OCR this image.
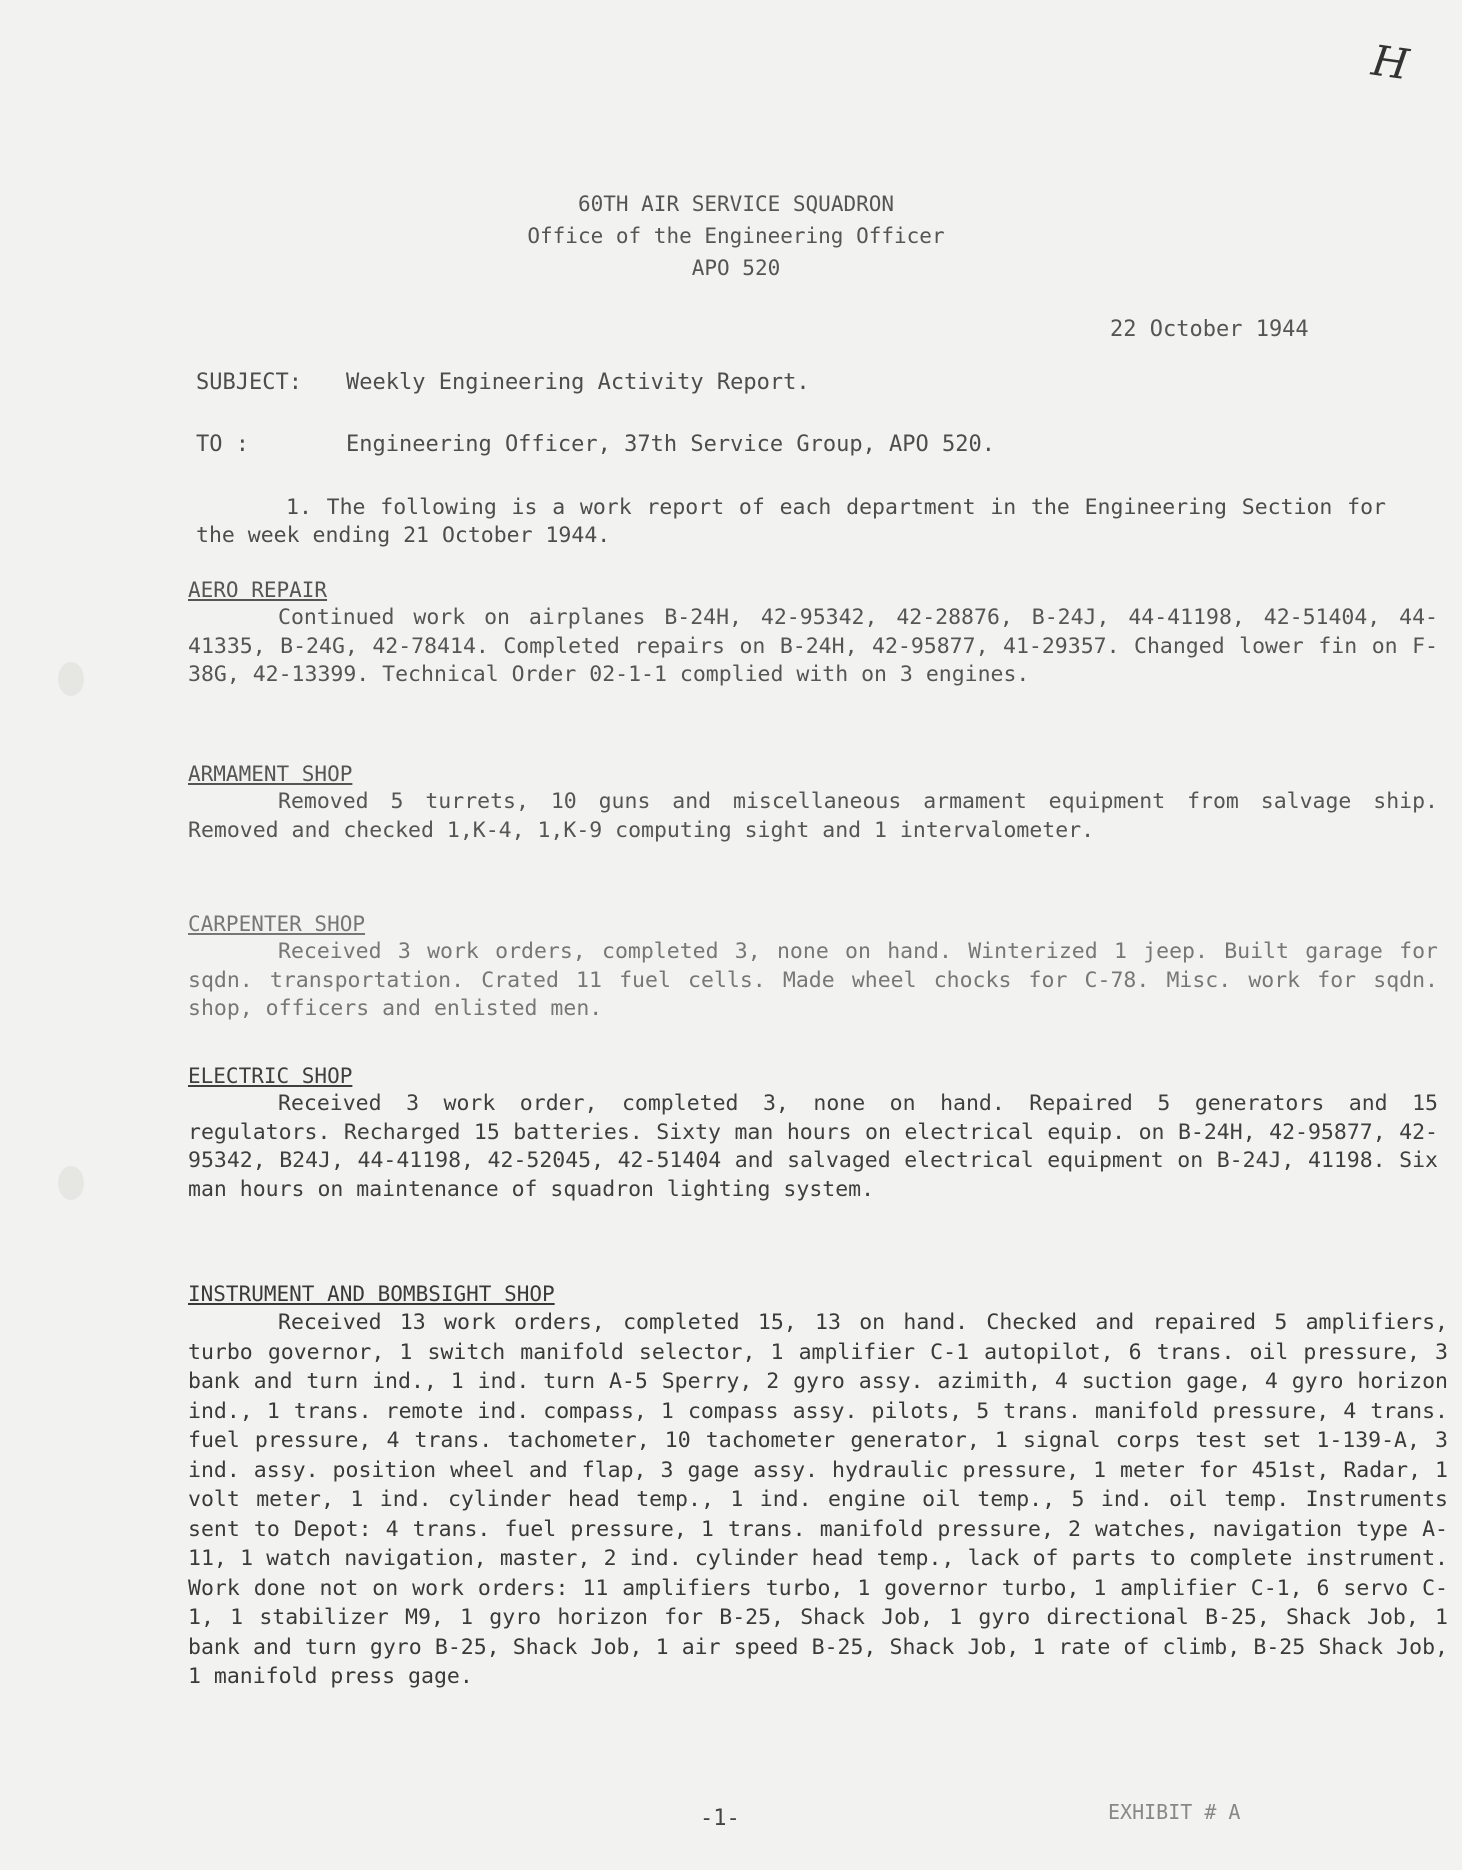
H
60TH AIR SERVICE SQUADRON
Office of the Engineering Officer
APO 520
22 October 1944
SUBJECT: Weekly Engineering Activity Report.
TO :	Engineering Officer, 37th Service Group, APO 520.
1. The following is a work report of each department in the Engineering Section for the week ending 21 October 1944.
AERO REPAIR

Continued work on airplanes B-24H, 42-95342, 42-28876, B-24J, 44-41198, 42-51404, 44-41335, B-24G, 42-78414. Completed repairs on B-24H, 42-95877, 41-29357. Changed lower fin on F-38G, 42-13399. Technical Order 02-1-1 complied with on 3 engines.

ARMAMENT SHOP

Removed 5 turrets, 10 guns and miscellaneous armament equipment from salvage ship. Removed and checked 1,K-4, 1,K-9 computing sight and 1 intervalometer.

CARPENTER SHOP

Received 3 work orders, completed 3, none on hand. Winterized 1 jeep. Built garage for sqdn. transportation. Crated 11 fuel cells. Made wheel chocks for C-78. Misc. work for sqdn. shop, officers and enlisted men.

ELECTRIC SHOP

Received 3 work order, completed 3, none on hand. Repaired 5 generators and 15 regulators. Recharged 15 batteries. Sixty man hours on electrical equip. on B-24H, 42-95877, 42-95342, B24J, 44-41198, 42-52045, 42-51404 and salvaged electrical equipment on B-24J, 41198. Six man hours on maintenance of squadron lighting system.

INSTRUMENT AND BOMBSIGHT SHOP

Received 13 work orders, completed 15, 13 on hand. Checked and repaired 5 amplifiers, turbo governor, 1 switch manifold selector, 1 amplifier C-1 autopilot, 6 trans. oil pressure, 3 bank and turn ind., 1 ind. turn A-5 Sperry, 2 gyro assy. azimith, 4 suction gage, 4 gyro horizon ind., 1 trans. remote ind. compass, 1 compass assy. pilots, 5 trans. manifold pressure, 4 trans. fuel pressure, 4 trans. tachometer, 10 tachometer generator, 1 signal corps test set 1-139-A, 3 ind. assy. position wheel and flap, 3 gage assy. hydraulic pressure, 1 meter for 451st, Radar, 1 volt meter, 1 ind. cylinder head temp., 1 ind. engine oil temp., 5 ind. oil temp. Instruments sent to Depot: 4 trans. fuel pressure, 1 trans. manifold pressure, 2 watches, navigation type A-11, 1 watch navigation, master, 2 ind. cylinder head temp., lack of parts to complete instrument. Work done not on work orders: 11 amplifiers turbo, 1 governor turbo, 1 amplifier C-1, 6 servo C-1, 1 stabilizer M9, 1 gyro horizon for B-25, Shack Job, 1 gyro directional B-25, Shack Job, 1 bank and turn gyro B-25, Shack Job, 1 air speed B-25, Shack Job, 1 rate of climb, B-25 Shack Job, 1 manifold press gage.

-1-	EXHIBIT # A
